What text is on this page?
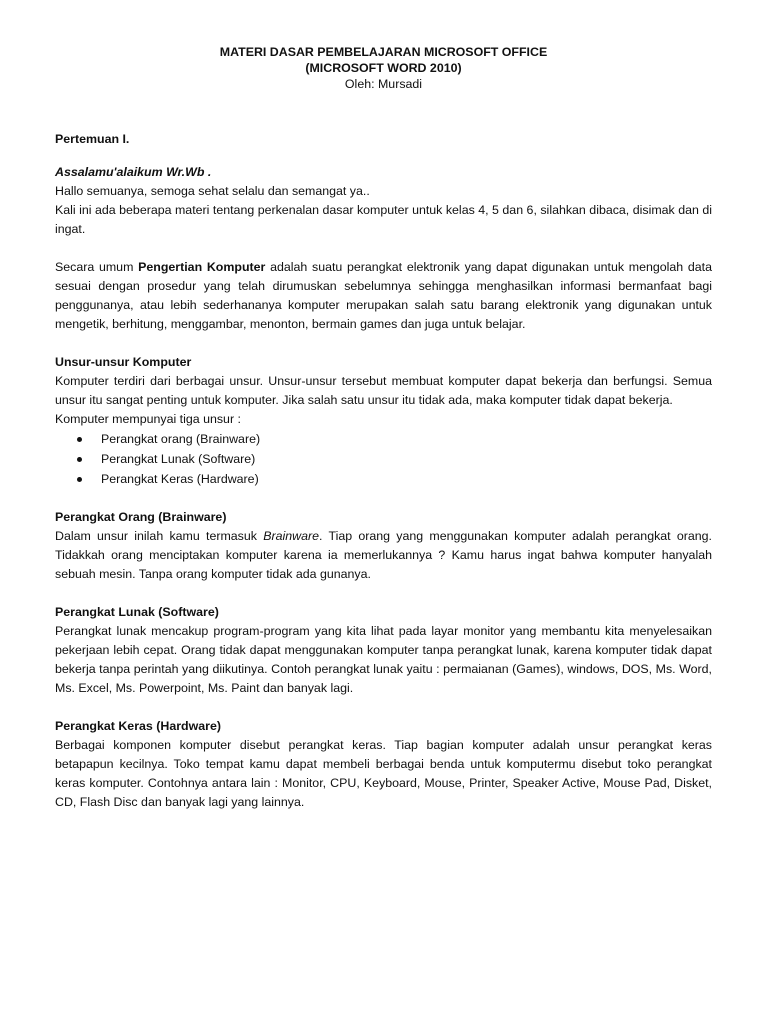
MATERI DASAR PEMBELAJARAN MICROSOFT OFFICE
(MICROSOFT WORD 2010)
Oleh: Mursadi
Pertemuan I.
Assalamu'alaikum Wr.Wb .

Hallo semuanya, semoga sehat selalu dan semangat ya..

Kali ini ada beberapa materi tentang perkenalan dasar komputer untuk kelas 4, 5 dan 6, silahkan dibaca, disimak dan di ingat.

Secara umum Pengertian Komputer adalah suatu perangkat elektronik yang dapat digunakan untuk mengolah data sesuai dengan prosedur yang telah dirumuskan sebelumnya sehingga menghasilkan informasi bermanfaat bagi penggunanya, atau lebih sederhananya komputer merupakan salah satu barang elektronik yang digunakan untuk mengetik, berhitung, menggambar, menonton, bermain games dan juga untuk belajar.

Unsur-unsur Komputer

Komputer terdiri dari berbagai unsur. Unsur-unsur tersebut membuat komputer dapat bekerja dan berfungsi. Semua unsur itu sangat penting untuk komputer. Jika salah satu unsur itu tidak ada, maka komputer tidak dapat bekerja.

Komputer mempunyai tiga unsur :

Perangkat orang (Brainware)
Perangkat Lunak (Software)
Perangkat Keras (Hardware)
Perangkat Orang (Brainware)

Dalam unsur inilah kamu termasuk Brainware. Tiap orang yang menggunakan komputer adalah perangkat orang. Tidakkah orang menciptakan komputer karena ia memerlukannya ? Kamu harus ingat bahwa komputer hanyalah sebuah mesin. Tanpa orang komputer tidak ada gunanya.

Perangkat Lunak (Software)

Perangkat lunak mencakup program-program yang kita lihat pada layar monitor yang membantu kita menyelesaikan pekerjaan lebih cepat. Orang tidak dapat menggunakan komputer tanpa perangkat lunak, karena komputer tidak dapat bekerja tanpa perintah yang diikutinya. Contoh perangkat lunak yaitu : permaianan (Games), windows, DOS, Ms. Word, Ms. Excel, Ms. Powerpoint, Ms. Paint dan banyak lagi.

Perangkat Keras (Hardware)

Berbagai komponen komputer disebut perangkat keras. Tiap bagian komputer adalah unsur perangkat keras betapapun kecilnya. Toko tempat kamu dapat membeli berbagai benda untuk komputermu disebut toko perangkat keras komputer. Contohnya antara lain : Monitor, CPU, Keyboard, Mouse, Printer, Speaker Active, Mouse Pad, Disket, CD, Flash Disc dan banyak lagi yang lainnya.
